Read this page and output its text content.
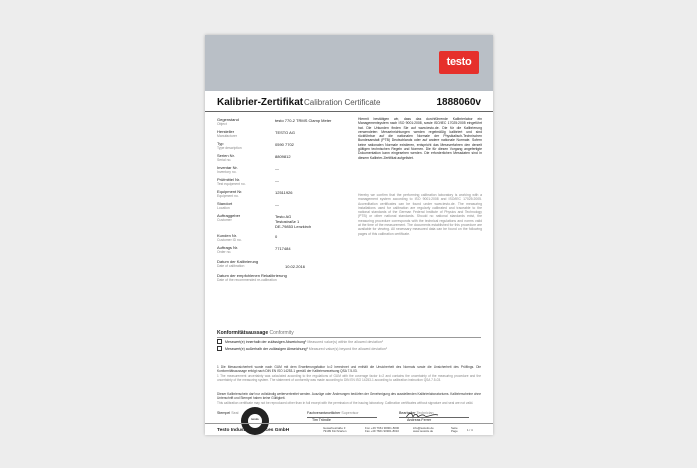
testo
Kalibrier-Zertifikat Calibration Certificate	1888060v
Gegenstand
Object
testo 770-2 TRMS Clamp Meter
Hersteller
Manufacturer
TESTO AG
Typ
Type description
0590 7702
Serien Nr.
Serial no.
8809812
Inventar Nr.
Inventory no.
—
Prüfmittel Nr.
Test equipment no.
—
Equipment Nr.
Equipment no.
12511926
Standort
Location
—
Auftraggeber
Customer
Testo AG
Testostraße 1
DE-79853 Lenzkirch
Kunden Nr.
Customer ID no.
0
Auftrags Nr.
Order no.
7717484
Datum der Kalibrierung
Date of calibration	10.02.2016
Datum der empfohlenen Rekalibrierung
Date of the recommended re-calibration
Hiermit bestätigen wir, dass das durchführende Kalibrierlabor ein Managementsystem nach ISO 9001:2008, sowie ISO/IEC 17025:2005 eingeführt hat. Die Urkunden finden Sie auf www.testo.de. Die für die Kalibrierung verwendeten Messeinrichtungen werden regelmäßig kalibriert und sind rückführbar auf die nationalen Normale der Physikalisch-Technischen Bundesanstalt (PTB) Deutschlands oder auf andere nationale Normale. Sofern keine nationalen Normale existieren, entspricht das Messverfahren den derzeit gültigen technischen Regeln und Normen. Die für diesen Vorgang angefertigte Dokumentation kann eingesehen werden. Die erforderlichen Messdaten sind in diesem Kalibrier-Zertifikat aufgelistet.
Hereby we confirm that the performing calibration laboratory is working with a management system according to ISO 9001:2008 and ISO/IEC 17025:2005. Accreditation certificates can be found under www.testo.de. The measuring installations used for calibration are regularly calibrated and traceable to the national standards of the German Federal Institute of Physics and Technology (PTB) or other national standards. Should no national standards exist, the measuring procedure corresponds with the technical regulations and norms valid at the time of the measurement. The documents established for this procedure are available for viewing. All necessary measured data can be found on the following pages of this calibration certificate.
Konformitätsaussage Conformity
Messwert(e) innerhalb der zulässigen Abweichung¹ Measured value(s) within the allowed deviation¹
Messwert(e) außerhalb der zulässigen Abweichung¹ Measured value(s) beyond the allowed deviation¹
1 Die Messunsicherheit wurde nach GUM mit dem Erweiterungsfaktor k=2 berechnet und enthält die Unsicherheit des Normals sowie die Unsicherheit des Prüflings. Die Konformitätsaussage erfolgt nach DIN EN ISO 14253-1 gemäß der Kalibrieranweisung QSA 7.5-03.
1 The measurement uncertainty was calculated according to the regulations of GUM with the coverage factor k=2 and contains the uncertainty of the measuring procedure and the uncertainty of the measuring system. The statement of conformity was made according to DIN EN ISO 14253-1 according to calibration instruction QSA 7.5-03.
Dieser Kalibrierschein darf nur vollständig weiterverbreitet werden. Auszüge oder Änderungen bedürfen der Genehmigung des ausstellenden Kalibrierlaboratoriums. Kalibrierscheine ohne Unterschrift und Stempel haben keine Gültigkeit.
This calibration certificate may not be reproduced other than in full except with the permission of the issuing laboratory. Calibration certificates without signature and seal are not valid.
Stempel Seal
testo
Fachverantwortlicher Supervisor
Tim Tröndle
Bearbeiter Technician
Andreas Ferrer
Testo Industrial Services GmbH	Gewerbestraße 3
79199 Kirchzarten
Fon +49 7661 90901-8000
Fax +49 7661 90901-8010
info@testotis.de
www.testotis.de
Seite
Page	1 / 4
